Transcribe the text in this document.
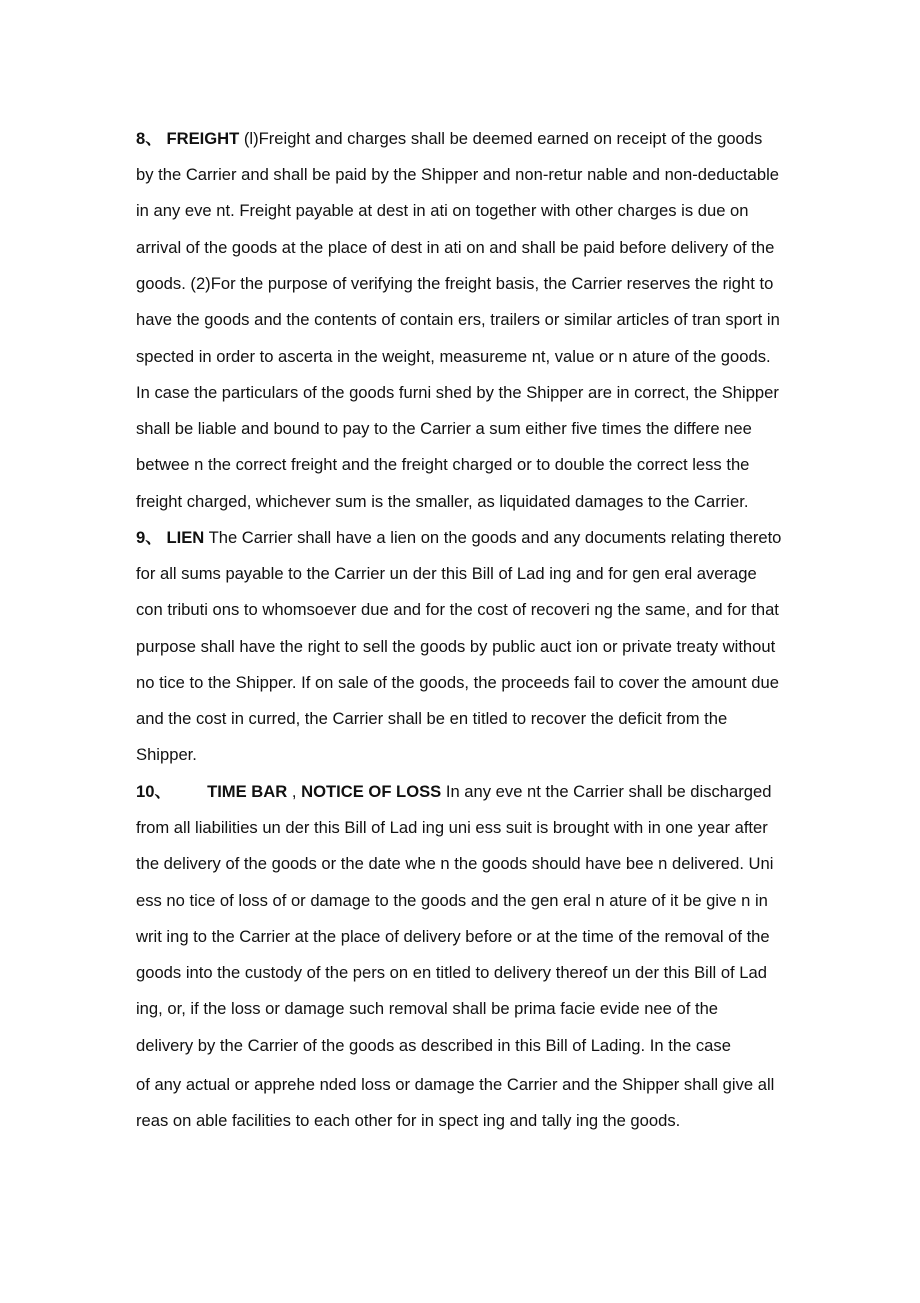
8、 FREIGHT (l)Freight and charges shall be deemed earned on receipt of the goods
by the Carrier and shall be paid by the Shipper and non-retur nable and non-deductable
in any eve nt. Freight payable at dest in ati on together with other charges is due on
arrival of the goods at the place of dest in ati on and shall be paid before delivery of the
goods. (2)For the purpose of verifying the freight basis, the Carrier reserves the right to
have the goods and the contents of contain ers, trailers or similar articles of tran sport in
spected in order to ascerta in the weight, measureme nt, value or n ature of the goods.
In case the particulars of the goods furni shed by the Shipper are in correct, the Shipper
shall be liable and bound to pay to the Carrier a sum either five times the differe nee
betwee n the correct freight and the freight charged or to double the correct less the
freight charged, whichever sum is the smaller, as liquidated damages to the Carrier.
9、 LIEN The Carrier shall have a lien on the goods and any documents relating thereto
for all sums payable to the Carrier un der this Bill of Lad ing and for gen eral average
con tributi ons to whomsoever due and for the cost of recoveri ng the same, and for that
purpose shall have the right to sell the goods by public auct ion or private treaty without
no tice to the Shipper. If on sale of the goods, the proceeds fail to cover the amount due
and the cost in curred, the Carrier shall be en titled to recover the deficit from the
Shipper.
10、 TIME BAR , NOTICE OF LOSS In any eve nt the Carrier shall be discharged
from all liabilities un der this Bill of Lad ing uni ess suit is brought with in one year after
the delivery of the goods or the date whe n the goods should have bee n delivered. Uni
ess no tice of loss of or damage to the goods and the gen eral n ature of it be give n in
writ ing to the Carrier at the place of delivery before or at the time of the removal of the
goods into the custody of the pers on en titled to delivery thereof un der this Bill of Lad
ing, or, if the loss or damage such removal shall be prima facie evide nee of the
delivery by the Carrier of the goods as described in this Bill of Lading. In the case
of any actual or apprehe nded loss or damage the Carrier and the Shipper shall give all
reas on able facilities to each other for in spect ing and tally ing the goods.
